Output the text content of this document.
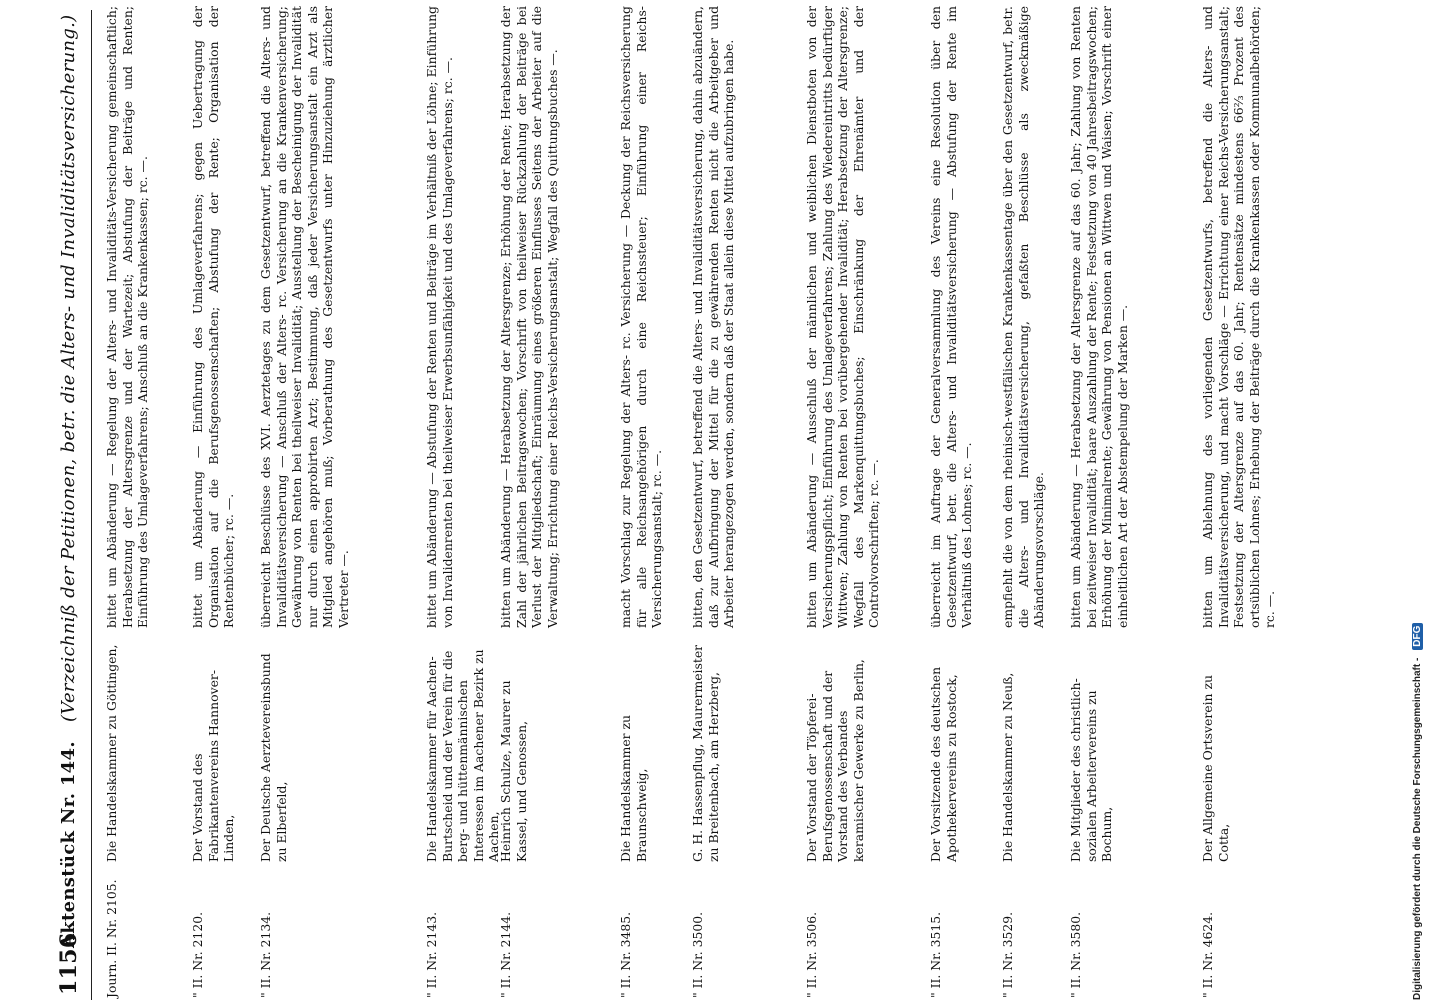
1156
Aktenstück Nr. 144.
(Verzeichniß der Petitionen, betr. die Alters- und Invaliditätsversicherung.)
Journ. II. Nr. 2105.
Die Handelskammer zu Göttingen,
bittet um Abänderung — Regelung der Alters- und Invaliditäts-Versicherung gemeinschaftlich; Herabsetzung der Altersgrenze und der Wartezeit; Abstufung der Beiträge und Renten; Einführung des Umlageverfahrens; Anschluß an die Krankenkassen; rc. —.
" II. Nr. 2120.
Der Vorstand des Fabrikantenvereins Hannover-Linden,
bittet um Abänderung — Einführung des Umlageverfahrens; gegen Uebertragung der Organisation auf die Berufsgenossenschaften; Abstufung der Rente; Organisation der Rentenbücher; rc. —.
" II. Nr. 2134.
Der Deutsche Aerztevereinsbund zu Elberfeld,
überreicht Beschlüsse des XVI. Aerztetages zu dem Gesetzentwurf, betreffend die Alters- und Invaliditätsversicherung — Anschluß der Alters- rc. Versicherung an die Krankenversicherung; Gewährung von Renten bei theilweiser Invalidität; Ausstellung der Bescheinigung der Invalidität nur durch einen approbirten Arzt; Bestimmung, daß jeder Versicherungsanstalt ein Arzt als Mitglied angehören muß; Vorberathung des Gesetzentwurfs unter Hinzuziehung ärztlicher Vertreter —.
" II. Nr. 2143.
Die Handelskammer für Aachen-Burtscheid und der Verein für die berg- und hüttenmännischen Interessen im Aachener Bezirk zu Aachen,
bittet um Abänderung — Abstufung der Renten und Beiträge im Verhältniß der Löhne; Einführung von Invalidenrenten bei theilweiser Erwerbsunfähigkeit und des Umlageverfahrens; rc. —.
" II. Nr. 2144.
Heinrich Schulze, Maurer zu Kassel, und Genossen,
bitten um Abänderung — Herabsetzung der Altersgrenze; Erhöhung der Rente; Herabsetzung der Zahl der jährlichen Beitragswochen; Vorschrift von theilweiser Rückzahlung der Beiträge bei Verlust der Mitgliedschaft; Einräumung eines größeren Einflusses Seitens der Arbeiter auf die Verwaltung; Errichtung einer Reichs-Versicherungsanstalt; Wegfall des Quittungsbuches —.
" II. Nr. 3485.
Die Handelskammer zu Braunschweig,
macht Vorschlag zur Regelung der Alters- rc. Versicherung — Deckung der Reichsversicherung für alle Reichsangehörigen durch eine Reichssteuer; Einführung einer Reichs-Versicherungsanstalt; rc. —.
" II. Nr. 3500.
G. H. Hassenpflug, Maurermeister zu Breitenbach, am Herzberg,
bitten, den Gesetzentwurf, betreffend die Alters- und Invaliditätsversicherung, dahin abzuändern, daß zur Aufbringung der Mittel für die zu gewährenden Renten nicht die Arbeitgeber und Arbeiter herangezogen werden, sondern daß der Staat allein diese Mittel aufzubringen habe.
" II. Nr. 3506.
Der Vorstand der Töpferei-Berufsgenossenschaft und der Vorstand des Verbandes keramischer Gewerke zu Berlin,
bitten um Abänderung — Ausschluß der männlichen und weiblichen Dienstboten von der Versicherungspflicht; Einführung des Umlageverfahrens; Zahlung des Wiedereintritts bedürftiger Wittwen; Zahlung von Renten bei vorübergehender Invalidität; Herabsetzung der Altersgrenze; Wegfall des Markenquittungsbuches; Einschränkung der Ehrenämter und der Controlvorschriften; rc. —.
" II. Nr. 3515.
Der Vorsitzende des deutschen Apothekervereins zu Rostock,
überreicht im Auftrage der Generalversammlung des Vereins eine Resolution über den Gesetzentwurf, betr. die Alters- und Invaliditätsversicherung — Abstufung der Rente im Verhältniß des Lohnes; rc. —.
" II. Nr. 3529.
Die Handelskammer zu Neuß,
empfiehlt die von dem rheinisch-westfälischen Krankenkassentage über den Gesetzentwurf, betr. die Alters- und Invaliditätsversicherung, gefaßten Beschlüsse als zweckmäßige Abänderungsvorschläge.
" II. Nr. 3580.
Die Mitglieder des christlich-sozialen Arbeitervereins zu Bochum,
bitten um Abänderung — Herabsetzung der Altersgrenze auf das 60. Jahr; Zahlung von Renten bei zeitweiser Invalidität; baare Auszahlung der Rente; Festsetzung von 40 Jahresbeitragswochen; Erhöhung der Minimalrente; Gewährung von Pensionen an Wittwen und Waisen; Vorschrift einer einheitlichen Art der Abstempelung der Marken —.
" II. Nr. 4624.
Der Allgemeine Ortsverein zu Cotta,
bitten um Ablehnung des vorliegenden Gesetzentwurfs, betreffend die Alters- und Invaliditätsversicherung, und macht Vorschläge — Errichtung einer Reichs-Versicherungsanstalt; Festsetzung der Altersgrenze auf das 60. Jahr; Rentensätze mindestens 66⅔ Prozent des ortsüblichen Lohnes; Erhebung der Beiträge durch die Krankenkassen oder Kommunalbehörden; rc. —.
Digitalisierung gefördert durch die Deutsche Forschungsgemeinschaft -DFG
